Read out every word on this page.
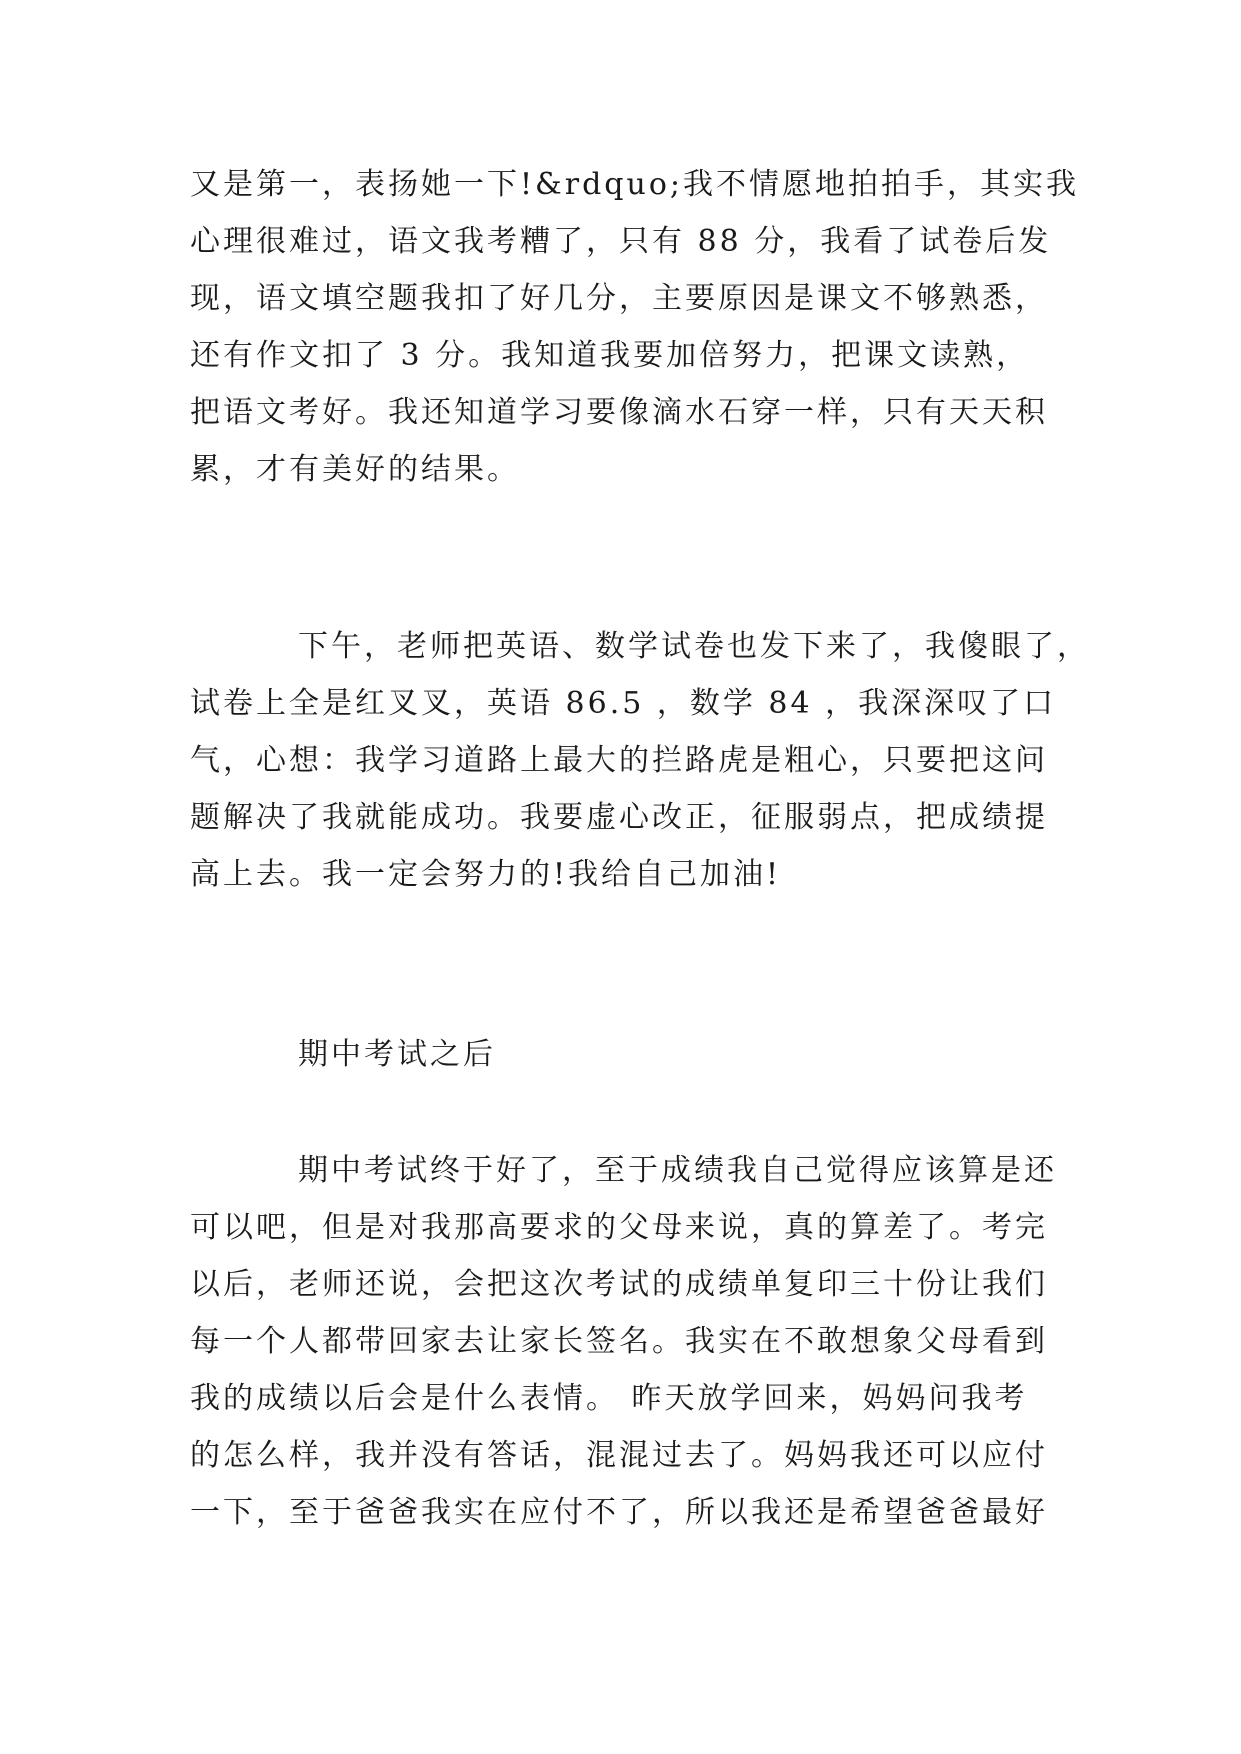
又是第一，表扬她一下!&rdquo;我不情愿地拍拍手，其实我
心理很难过，语文我考糟了，只有 88 分，我看了试卷后发
现，语文填空题我扣了好几分，主要原因是课文不够熟悉，
还有作文扣了 3 分。我知道我要加倍努力，把课文读熟，
把语文考好。我还知道学习要像滴水石穿一样，只有天天积
累，才有美好的结果。
下午，老师把英语、数学试卷也发下来了，我傻眼了，
试卷上全是红叉叉，英语 86.5 ，数学 84 ，我深深叹了口
气，心想：我学习道路上最大的拦路虎是粗心，只要把这问
题解决了我就能成功。我要虚心改正，征服弱点，把成绩提
高上去。我一定会努力的!我给自己加油!
期中考试之后
期中考试终于好了，至于成绩我自己觉得应该算是还
可以吧，但是对我那高要求的父母来说，真的算差了。考完
以后，老师还说，会把这次考试的成绩单复印三十份让我们
每一个人都带回家去让家长签名。我实在不敢想象父母看到
我的成绩以后会是什么表情。 昨天放学回来，妈妈问我考
的怎么样，我并没有答话，混混过去了。妈妈我还可以应付
一下，至于爸爸我实在应付不了，所以我还是希望爸爸最好
